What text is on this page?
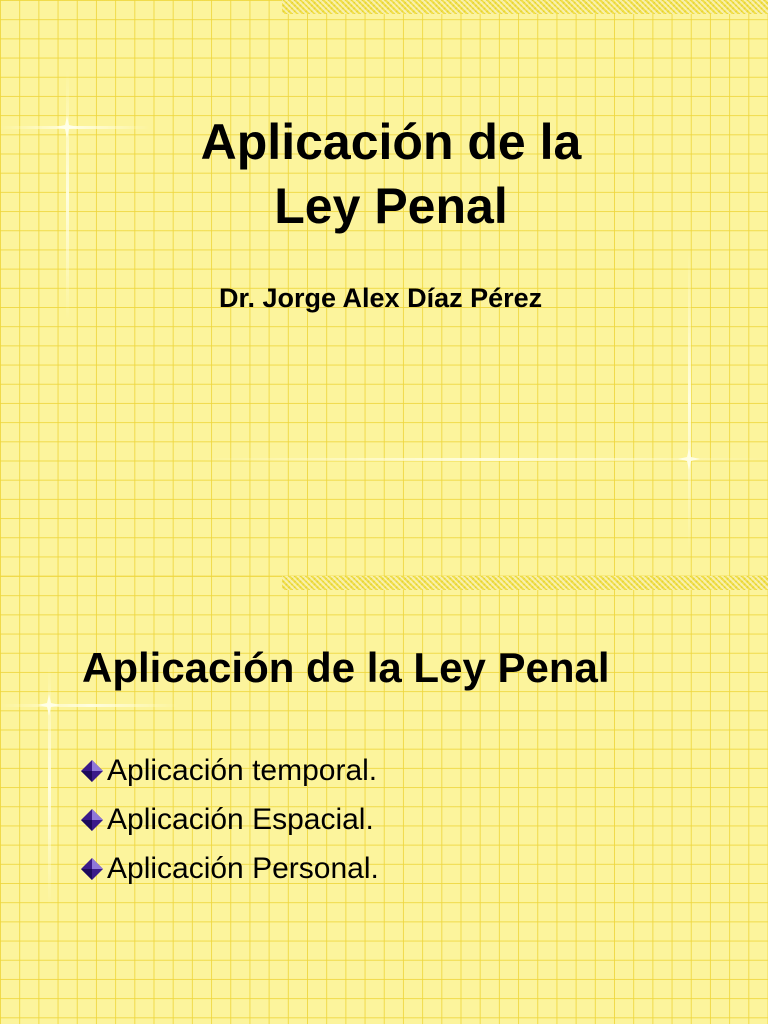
Aplicación de la
Ley Penal
Dr. Jorge Alex Díaz Pérez
Aplicación de la Ley Penal
Aplicación temporal.
Aplicación Espacial.
Aplicación Personal.
